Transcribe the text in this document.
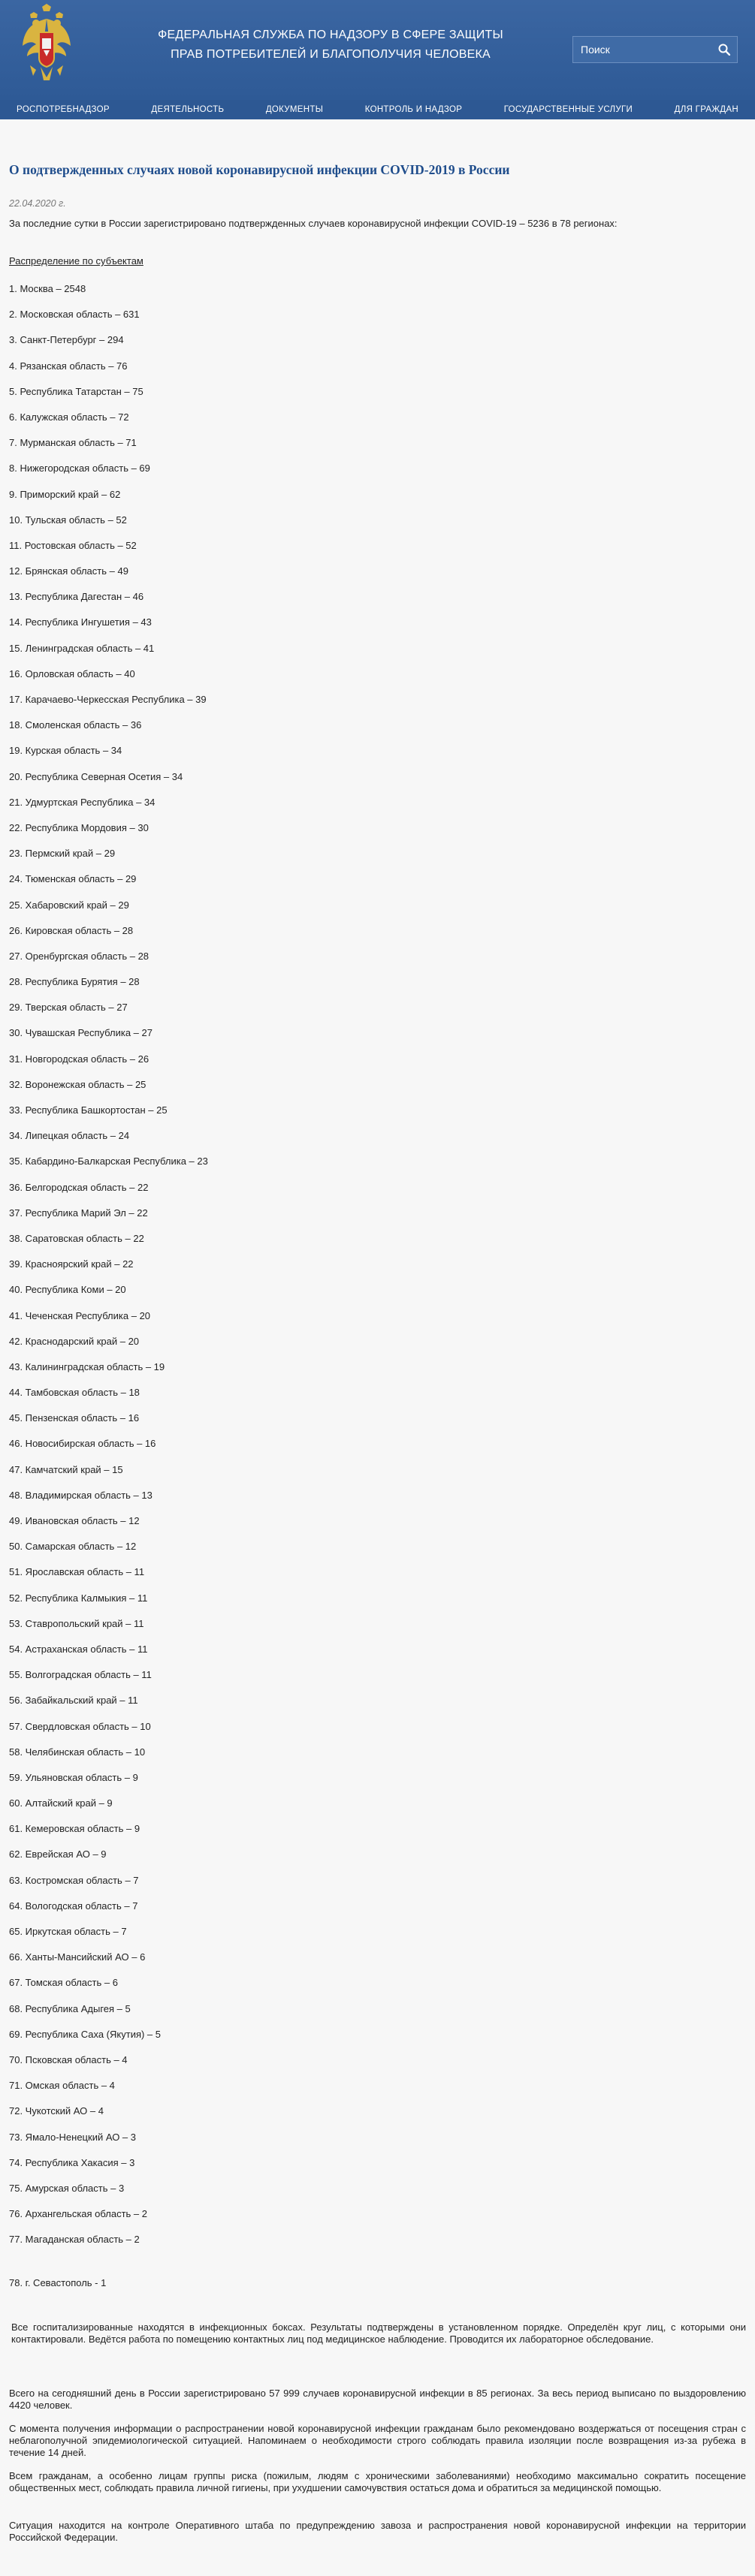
ФЕДЕРАЛЬНАЯ СЛУЖБА ПО НАДЗОРУ В СФЕРЕ ЗАЩИТЫ ПРАВ ПОТРЕБИТЕЛЕЙ И БЛАГОПОЛУЧИЯ ЧЕЛОВЕКА
Поиск
РОСПОТРЕБНАДЗОР	ДЕЯТЕЛЬНОСТЬ	ДОКУМЕНТЫ	КОНТРОЛЬ И НАДЗОР	ГОСУДАРСТВЕННЫЕ УСЛУГИ	ДЛЯ ГРАЖДАН
О подтвержденных случаях новой коронавирусной инфекции COVID-2019 в России
22.04.2020 г.
За последние сутки в России зарегистрировано подтвержденных случаев коронавирусной инфекции COVID-19 – 5236 в 78 регионах:
Распределение по субъектам
1. Москва – 2548
2. Московская область – 631
3. Санкт-Петербург – 294
4. Рязанская область – 76
5. Республика Татарстан – 75
6. Калужская область – 72
7. Мурманская область – 71
8. Нижегородская область – 69
9. Приморский край – 62
10. Тульская область – 52
11. Ростовская область – 52
12. Брянская область – 49
13. Республика Дагестан – 46
14. Республика Ингушетия – 43
15. Ленинградская область – 41
16. Орловская область – 40
17. Карачаево-Черкесская Республика – 39
18. Смоленская область – 36
19. Курская область – 34
20. Республика Северная Осетия – 34
21. Удмуртская Республика – 34
22. Республика Мордовия – 30
23. Пермский край – 29
24. Тюменская область – 29
25. Хабаровский край – 29
26. Кировская область – 28
27. Оренбургская область – 28
28. Республика Бурятия – 28
29. Тверская область – 27
30. Чувашская Республика – 27
31. Новгородская область – 26
32. Воронежская область – 25
33. Республика Башкортостан – 25
34. Липецкая область – 24
35. Кабардино-Балкарская Республика – 23
36. Белгородская область – 22
37. Республика Марий Эл – 22
38. Саратовская область – 22
39. Красноярский край – 22
40. Республика Коми – 20
41. Чеченская Республика – 20
42. Краснодарский край – 20
43. Калининградская область – 19
44. Тамбовская область – 18
45. Пензенская область – 16
46. Новосибирская область – 16
47. Камчатский край – 15
48. Владимирская область – 13
49. Ивановская область – 12
50. Самарская область – 12
51. Ярославская область – 11
52. Республика Калмыкия – 11
53. Ставропольский край – 11
54. Астраханская область – 11
55. Волгоградская область – 11
56. Забайкальский край – 11
57. Свердловская область – 10
58. Челябинская область – 10
59. Ульяновская область – 9
60. Алтайский край – 9
61. Кемеровская область – 9
62. Еврейская АО – 9
63. Костромская область – 7
64. Вологодская область – 7
65. Иркутская область – 7
66. Ханты-Мансийский АО – 6
67. Томская область – 6
68. Республика Адыгея – 5
69. Республика Саха (Якутия) – 5
70. Псковская область – 4
71. Омская область – 4
72. Чукотский АО – 4
73. Ямало-Ненецкий АО – 3
74. Республика Хакасия – 3
75. Амурская область – 3
76. Архангельская область – 2
77. Магаданская область – 2
78. г. Севастополь - 1

Все госпитализированные находятся в инфекционных боксах. Результаты подтверждены в установленном порядке. Определён круг лиц, с которыми они контактировали. Ведётся работа по помещению контактных лиц под медицинское наблюдение. Проводится их лабораторное обследование.

Всего на сегодняшний день в России зарегистрировано 57 999 случаев коронавирусной инфекции в 85 регионах. За весь период выписано по выздоровлению 4420 человек.

С момента получения информации о распространении новой коронавирусной инфекции гражданам было рекомендовано воздержаться от посещения стран с неблагополучной эпидемиологической ситуацией. Напоминаем о необходимости строго соблюдать правила изоляции после возвращения из-за рубежа в течение 14 дней.

Всем гражданам, а особенно лицам группы риска (пожилым, людям с хроническими заболеваниями) необходимо максимально сократить посещение общественных мест, соблюдать правила личной гигиены, при ухудшении самочувствия остаться дома и обратиться за медицинской помощью.

Ситуация находится на контроле Оперативного штаба по предупреждению завоза и распространения новой коронавирусной инфекции на территории Российской Федерации.
